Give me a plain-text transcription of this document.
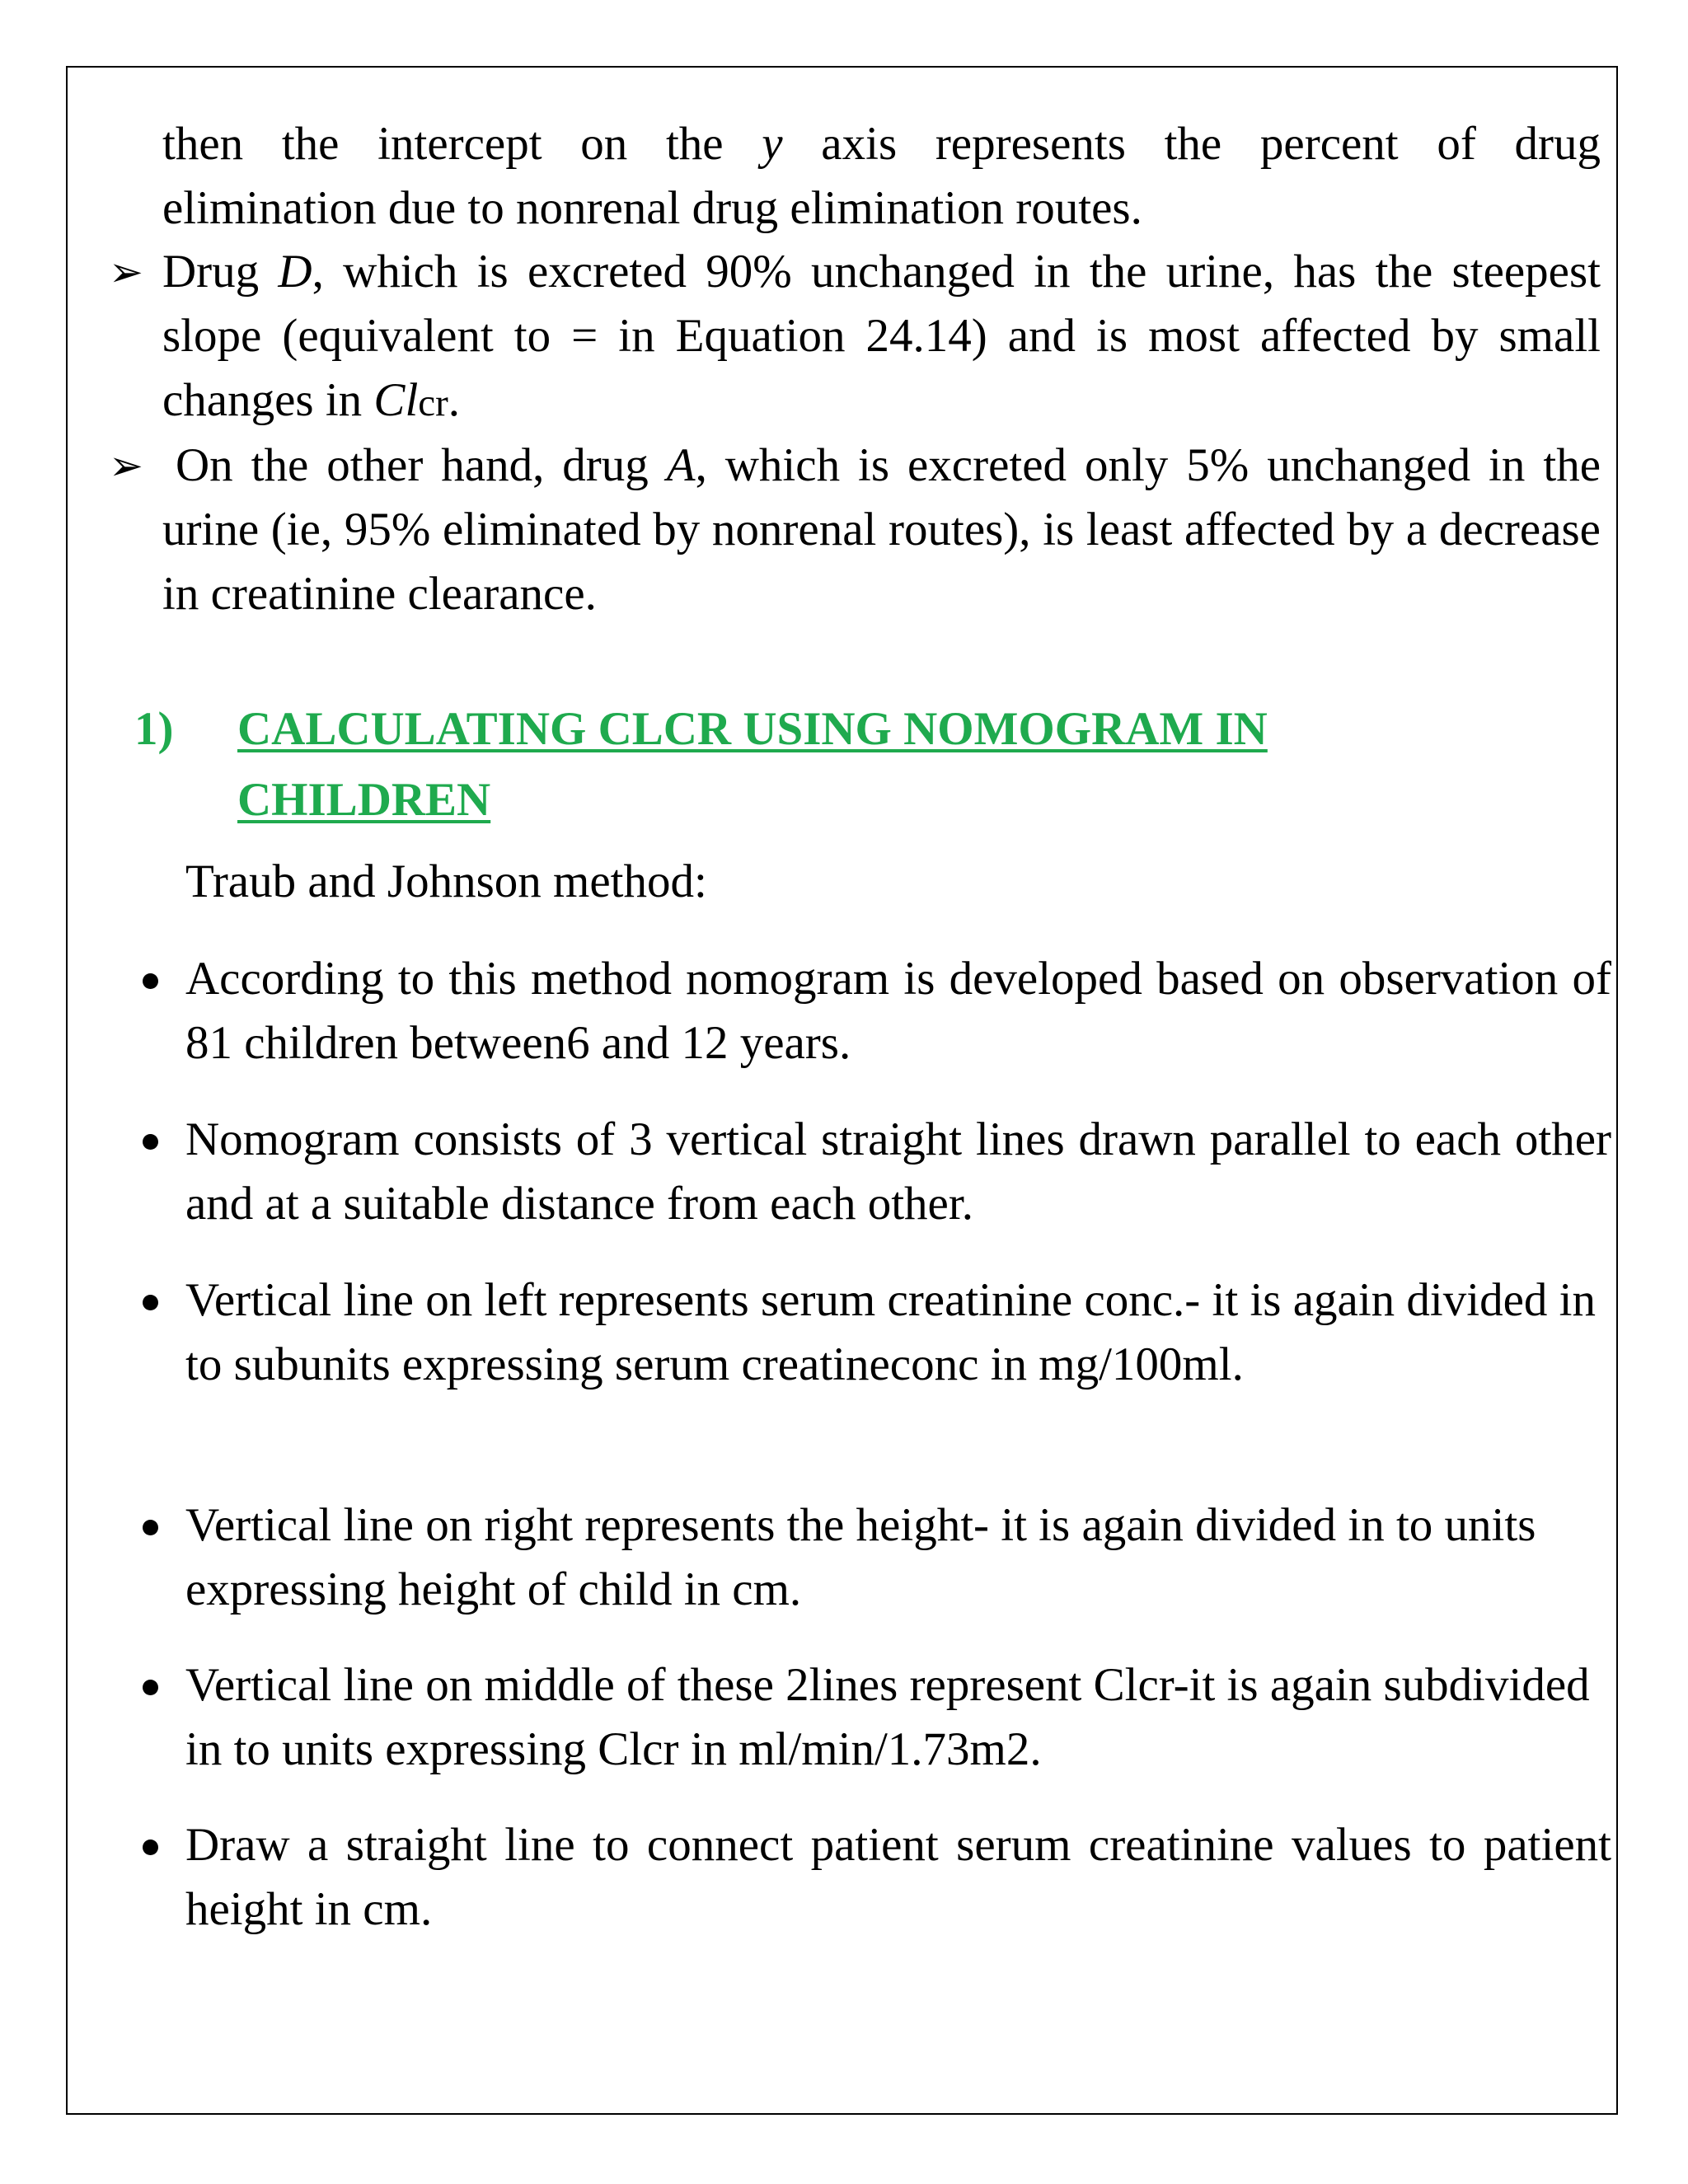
then the intercept on the y axis represents the percent of drug
elimination due to nonrenal drug elimination routes.
➢ Drug D, which is excreted 90% unchanged in the urine, has the steepest slope (equivalent to = in Equation 24.14) and is most affected by small changes in Clcr.
➢ On the other hand, drug A, which is excreted only 5% unchanged in the urine (ie, 95% eliminated by nonrenal routes), is least affected by a decrease in creatinine clearance.
1) CALCULATING CLCR USING NOMOGRAM IN CHILDREN
Traub and Johnson method:
According to this method nomogram is developed based on observation of 81 children between6 and 12 years.
Nomogram consists of 3 vertical straight lines drawn parallel to each other and at a suitable distance from each other.
Vertical line on left represents serum creatinine conc.- it is again divided in to subunits expressing serum creatineconc in mg/100ml.
Vertical line on right represents the height- it is again divided in to units expressing height of child in cm.
Vertical line on middle of these 2lines represent Clcr-it is again subdivided in to units expressing Clcr in ml/min/1.73m2.
Draw a straight line to connect patient serum creatinine values to patient height in cm.
